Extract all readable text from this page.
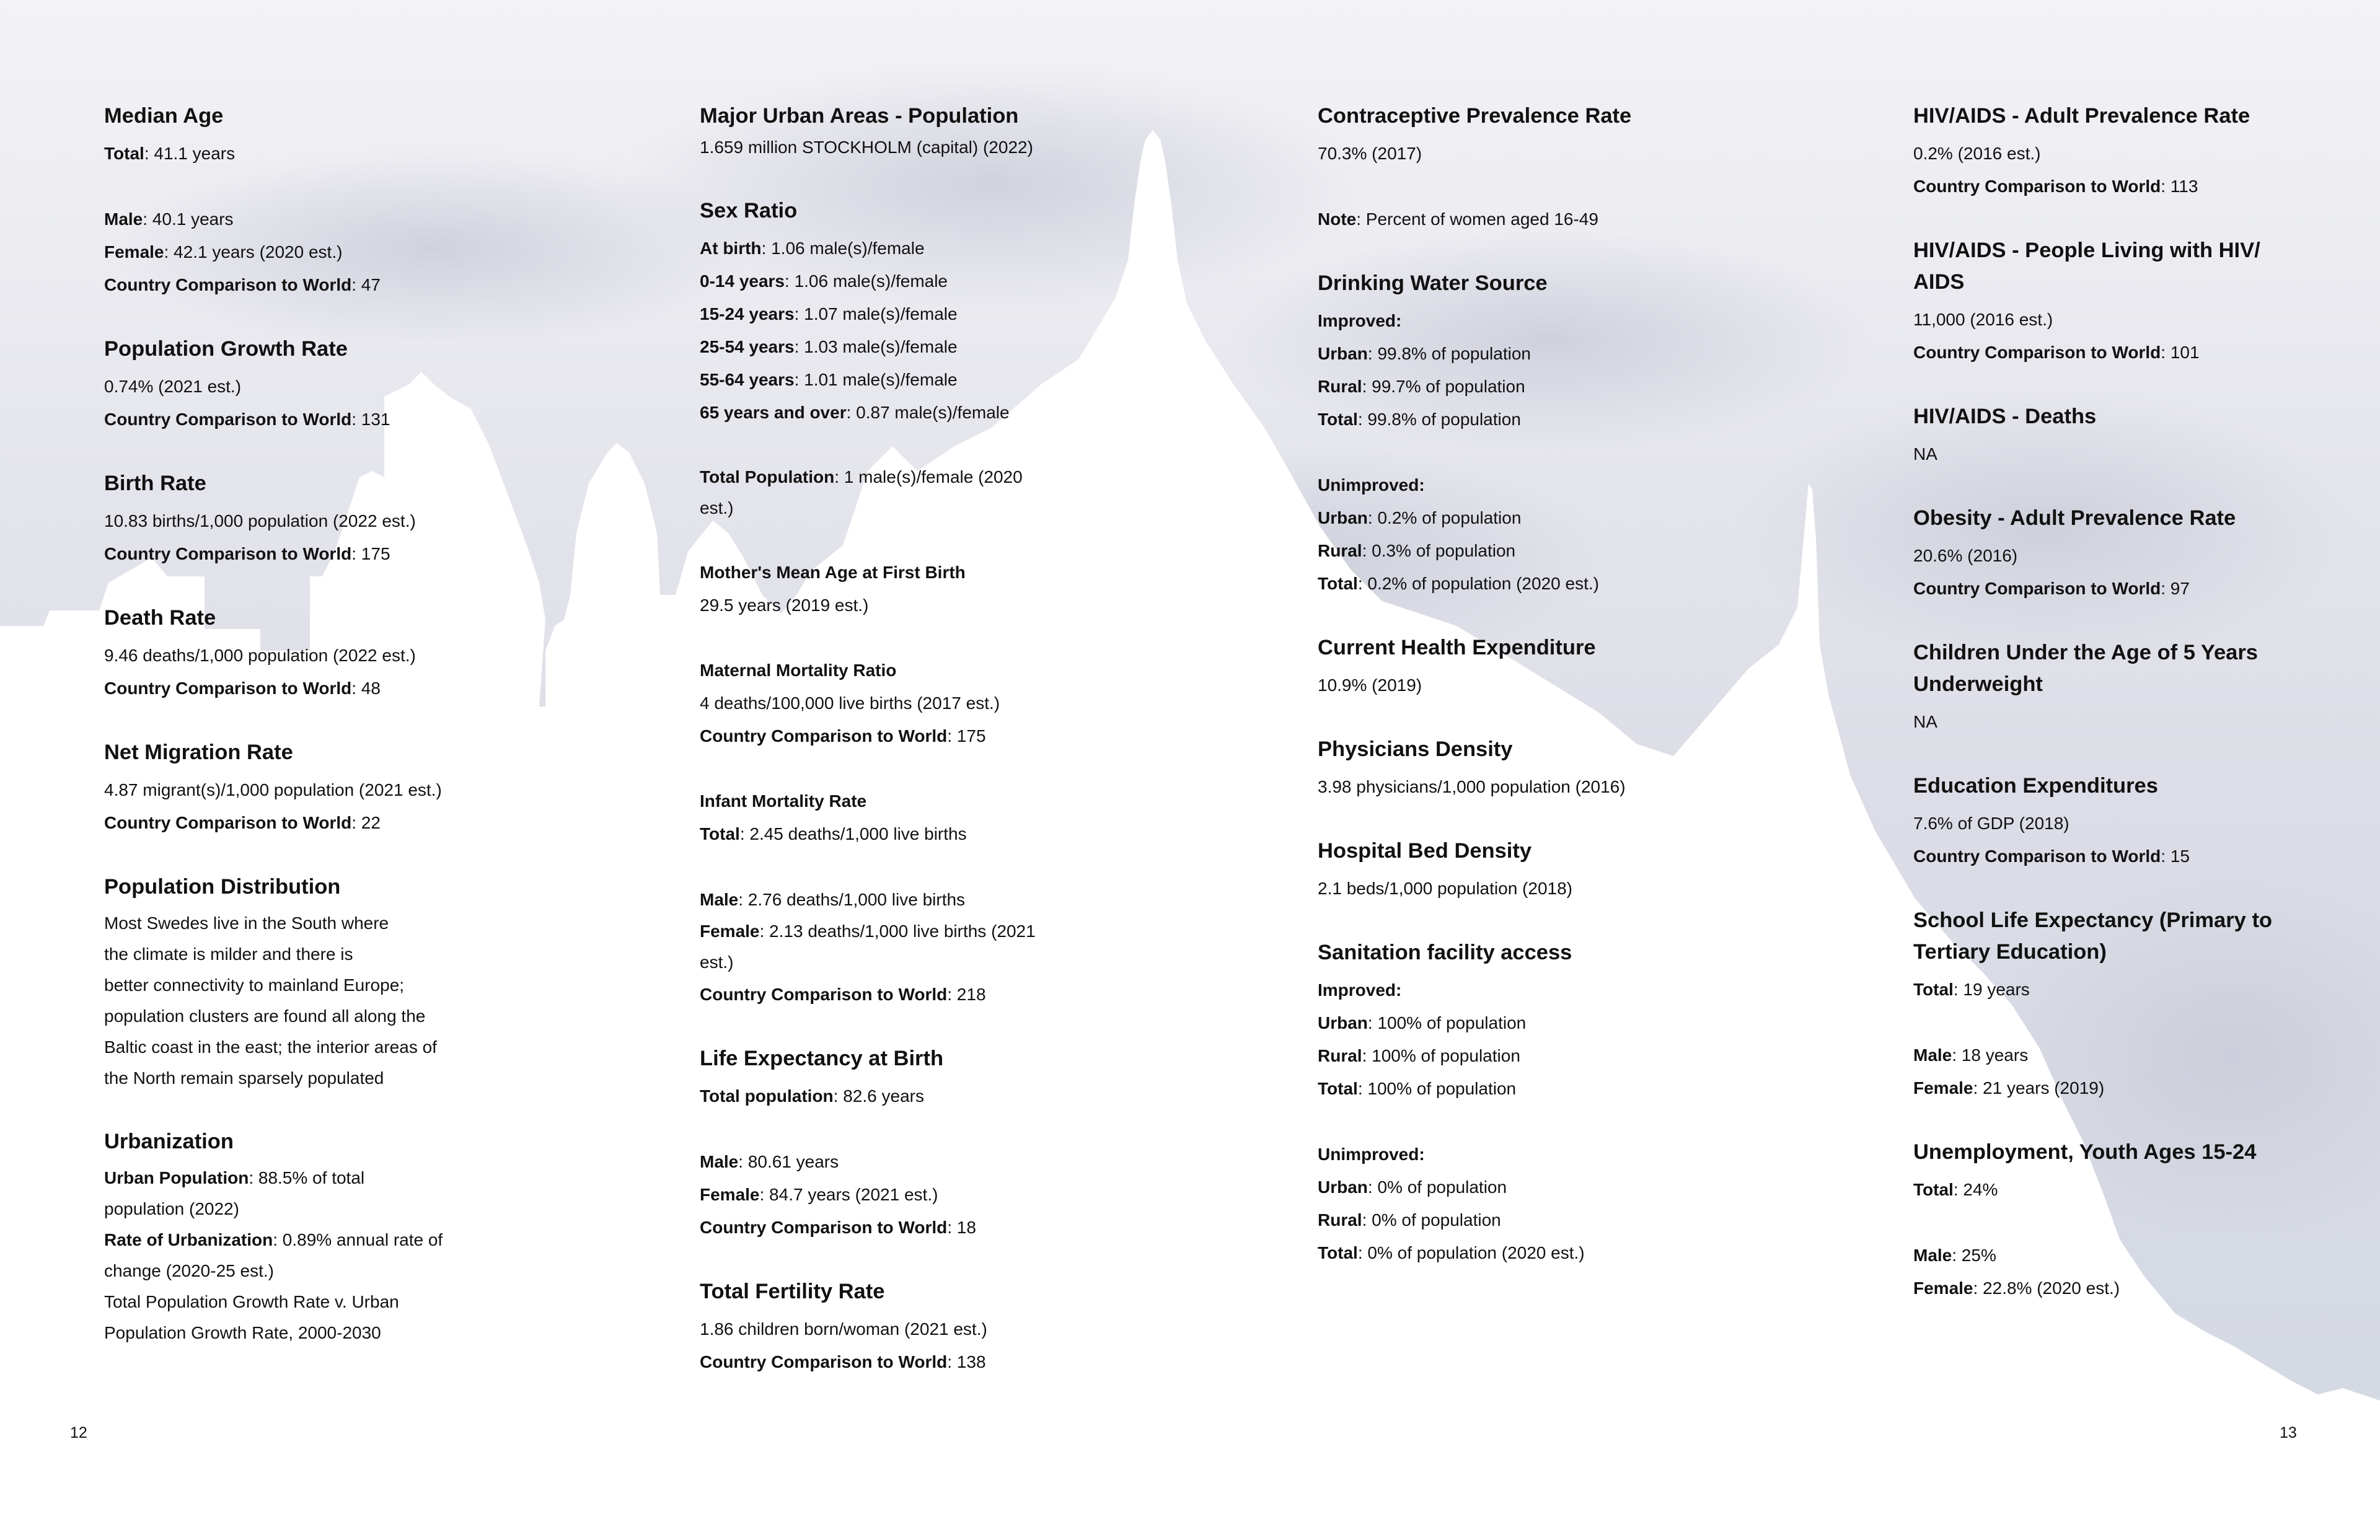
Median Age
Total: 41.1 years
Male: 40.1 years
Female: 42.1 years (2020 est.)
Country Comparison to World: 47
Population Growth Rate
0.74% (2021 est.)
Country Comparison to World: 131
Birth Rate
10.83 births/1,000 population (2022 est.)
Country Comparison to World: 175
Death Rate
9.46 deaths/1,000 population (2022 est.)
Country Comparison to World: 48
Net Migration Rate
4.87 migrant(s)/1,000 population (2021 est.)
Country Comparison to World: 22
Population Distribution
Most Swedes live in the South where
the climate is milder and there is
better connectivity to mainland Europe;
population clusters are found all along the
Baltic coast in the east; the interior areas of
the North remain sparsely populated
Urbanization
Urban Population: 88.5% of total
population (2022)
Rate of Urbanization: 0.89% annual rate of
change (2020-25 est.)
Total Population Growth Rate v. Urban
Population Growth Rate, 2000-2030
Major Urban Areas - Population
1.659 million STOCKHOLM (capital) (2022)
Sex Ratio
At birth: 1.06 male(s)/female
0-14 years: 1.06 male(s)/female
15-24 years: 1.07 male(s)/female
25-54 years: 1.03 male(s)/female
55-64 years: 1.01 male(s)/female
65 years and over: 0.87 male(s)/female
Total Population: 1 male(s)/female (2020
est.)
Mother's Mean Age at First Birth
29.5 years (2019 est.)
Maternal Mortality Ratio
4 deaths/100,000 live births (2017 est.)
Country Comparison to World: 175
Infant Mortality Rate
Total: 2.45 deaths/1,000 live births
Male: 2.76 deaths/1,000 live births
Female: 2.13 deaths/1,000 live births (2021
est.)
Country Comparison to World: 218
Life Expectancy at Birth
Total population: 82.6 years
Male: 80.61 years
Female: 84.7 years (2021 est.)
Country Comparison to World: 18
Total Fertility Rate
1.86 children born/woman (2021 est.)
Country Comparison to World: 138
Contraceptive Prevalence Rate
70.3% (2017)
Note: Percent of women aged 16-49
Drinking Water Source
Improved:
Urban: 99.8% of population
Rural: 99.7% of population
Total: 99.8% of population
Unimproved:
Urban: 0.2% of population
Rural: 0.3% of population
Total: 0.2% of population (2020 est.)
Current Health Expenditure
10.9% (2019)
Physicians Density
3.98 physicians/1,000 population (2016)
Hospital Bed Density
2.1 beds/1,000 population (2018)
Sanitation facility access
Improved:
Urban: 100% of population
Rural: 100% of population
Total: 100% of population
Unimproved:
Urban: 0% of population
Rural: 0% of population
Total: 0% of population (2020 est.)
HIV/AIDS - Adult Prevalence Rate
0.2% (2016 est.)
Country Comparison to World: 113
HIV/AIDS - People Living with HIV/
AIDS
11,000 (2016 est.)
Country Comparison to World: 101
HIV/AIDS - Deaths
NA
Obesity - Adult Prevalence Rate
20.6% (2016)
Country Comparison to World: 97
Children Under the Age of 5 Years
Underweight
NA
Education Expenditures
7.6% of GDP (2018)
Country Comparison to World: 15
School Life Expectancy (Primary to
Tertiary Education)
Total: 19 years
Male: 18 years
Female: 21 years (2019)
Unemployment, Youth Ages 15-24
Total: 24%
Male: 25%
Female: 22.8% (2020 est.)
12	13
